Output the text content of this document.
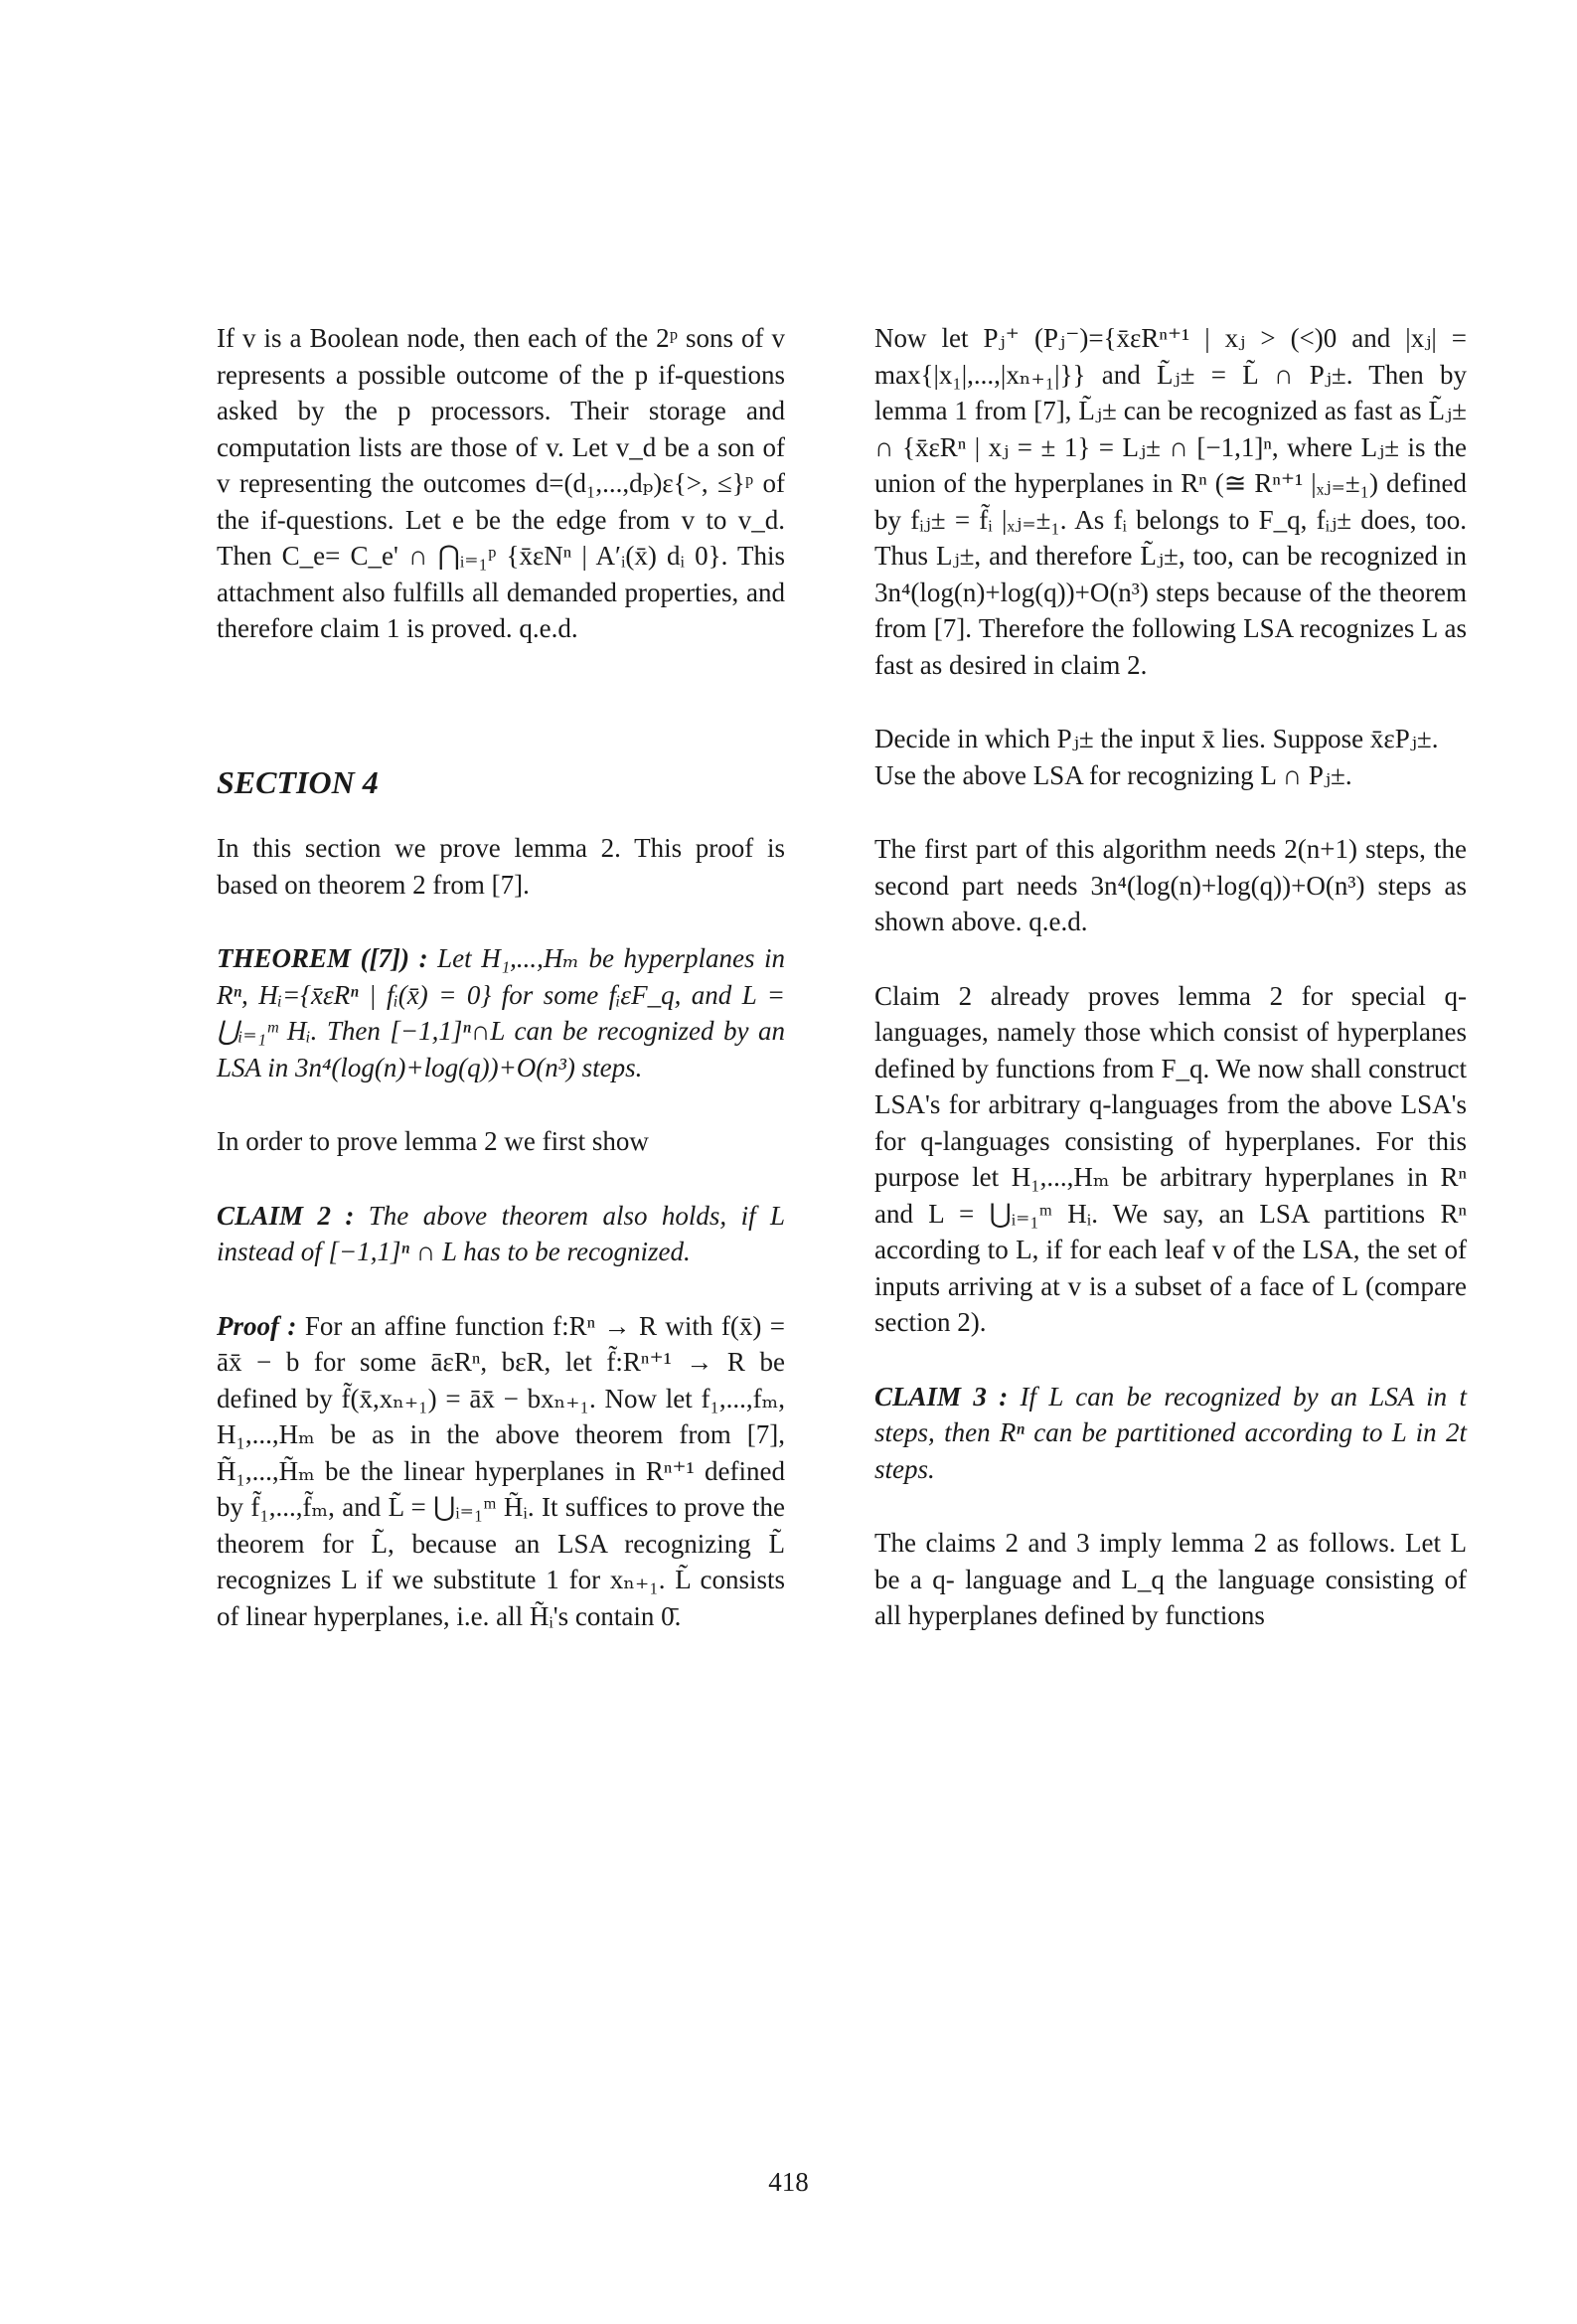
If v is a Boolean node, then each of the 2ᵖ sons of v represents a possible outcome of the p if-questions asked by the p processors. Their storage and computation lists are those of v. Let v_d be a son of v representing the outcomes d=(d₁,...,dₚ)ε{>, ≤}ᵖ of the if-questions. Let e be the edge from v to v_d. Then C_e= C_e' ∩ ⋂ᵢ₌₁ᵖ {x̄εNⁿ | A′ᵢ(x̄) dᵢ 0}. This attachment also fulfills all demanded properties, and therefore claim 1 is proved. q.e.d.

SECTION 4

In this section we prove lemma 2. This proof is based on theorem 2 from [7].

THEOREM ([7]) : Let H₁,...,Hₘ be hyperplanes in Rⁿ, Hᵢ={x̄εRⁿ | fᵢ(x̄) = 0} for some fᵢεF_q, and L = ⋃ᵢ₌₁ᵐ Hᵢ. Then [−1,1]ⁿ∩L can be recognized by an LSA in 3n⁴(log(n)+log(q))+O(n³) steps.

In order to prove lemma 2 we first show

CLAIM 2 : The above theorem also holds, if L instead of [−1,1]ⁿ ∩ L has to be recognized.

Proof : For an affine function f:Rⁿ → R with f(x̄) = āx̄ − b for some āεRⁿ, bεR, let f̃:Rⁿ⁺¹ → R be defined by f̃(x̄,xₙ₊₁) = āx̄ − bxₙ₊₁. Now let f₁,...,fₘ, H₁,...,Hₘ be as in the above theorem from [7], H̃₁,...,H̃ₘ be the linear hyperplanes in Rⁿ⁺¹ defined by f̃₁,...,f̃ₘ, and L̃ = ⋃ᵢ₌₁ᵐ H̃ᵢ. It suffices to prove the theorem for L̃, because an LSA recognizing L̃ recognizes L if we substitute 1 for xₙ₊₁. L̃ consists of linear hyperplanes, i.e. all H̃ᵢ's contain 0̄.

Now let Pⱼ⁺ (Pⱼ⁻)={x̄εRⁿ⁺¹ | xⱼ > (<)0 and |xⱼ| = max{|x₁|,...,|xₙ₊₁|}} and L̃ⱼ± = L̃ ∩ Pⱼ±. Then by lemma 1 from [7], L̃ⱼ± can be recognized as fast as L̃ⱼ± ∩ {x̄εRⁿ | xⱼ = ± 1} = Lⱼ± ∩ [−1,1]ⁿ, where Lⱼ± is the union of the hyperplanes in Rⁿ (≅ Rⁿ⁺¹ |ₓⱼ₌±₁) defined by fᵢⱼ± = f̃ᵢ |ₓⱼ₌±₁. As fᵢ belongs to F_q, fᵢⱼ± does, too. Thus Lⱼ±, and therefore L̃ⱼ±, too, can be recognized in 3n⁴(log(n)+log(q))+O(n³) steps because of the theorem from [7]. Therefore the following LSA recognizes L as fast as desired in claim 2.

Decide in which Pⱼ± the input x̄ lies. Suppose x̄εPⱼ±.

Use the above LSA for recognizing L ∩ Pⱼ±.

The first part of this algorithm needs 2(n+1) steps, the second part needs 3n⁴(log(n)+log(q))+O(n³) steps as shown above. q.e.d.

Claim 2 already proves lemma 2 for special q-languages, namely those which consist of hyperplanes defined by functions from F_q. We now shall construct LSA's for arbitrary q-languages from the above LSA's for q-languages consisting of hyperplanes. For this purpose let H₁,...,Hₘ be arbitrary hyperplanes in Rⁿ and L = ⋃ᵢ₌₁ᵐ Hᵢ. We say, an LSA partitions Rⁿ according to L, if for each leaf v of the LSA, the set of inputs arriving at v is a subset of a face of L (compare section 2).

CLAIM 3 : If L can be recognized by an LSA in t steps, then Rⁿ can be partitioned according to L in 2t steps.

The claims 2 and 3 imply lemma 2 as follows. Let L be a q- language and L_q the language consisting of all hyperplanes defined by functions

418
